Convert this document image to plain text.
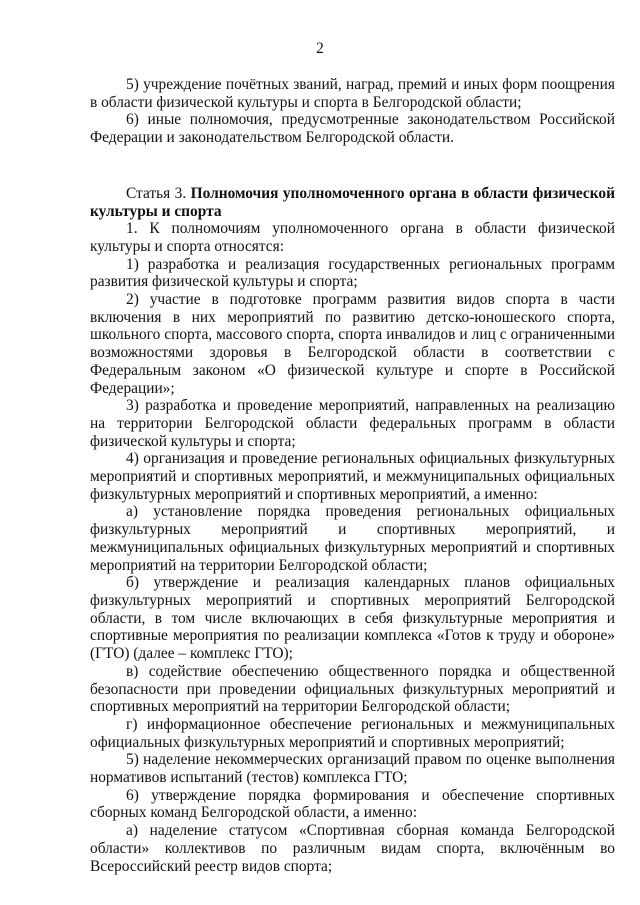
2

5) учреждение почётных званий, наград, премий и иных форм поощрения в области физической культуры и спорта в Белгородской области;

6) иные полномочия, предусмотренные законодательством Российской Федерации и законодательством Белгородской области.

Статья 3. Полномочия уполномоченного органа в области физической культуры и спорта

1. К полномочиям уполномоченного органа в области физической культуры и спорта относятся:

1) разработка и реализация государственных региональных программ развития физической культуры и спорта;

2) участие в подготовке программ развития видов спорта в части включения в них мероприятий по развитию детско-юношеского спорта, школьного спорта, массового спорта, спорта инвалидов и лиц с ограниченными возможностями здоровья в Белгородской области в соответствии с Федеральным законом «О физической культуре и спорте в Российской Федерации»;

3) разработка и проведение мероприятий, направленных на реализацию на территории Белгородской области федеральных программ в области физической культуры и спорта;

4) организация и проведение региональных официальных физкультурных мероприятий и спортивных мероприятий, и межмуниципальных официальных физкультурных мероприятий и спортивных мероприятий, а именно:

а) установление порядка проведения региональных официальных физкультурных мероприятий и спортивных мероприятий, и межмуниципальных официальных физкультурных мероприятий и спортивных мероприятий на территории Белгородской области;

б) утверждение и реализация календарных планов официальных физкультурных мероприятий и спортивных мероприятий Белгородской области, в том числе включающих в себя физкультурные мероприятия и спортивные мероприятия по реализации комплекса «Готов к труду и обороне» (ГТО) (далее – комплекс ГТО);

в) содействие обеспечению общественного порядка и общественной безопасности при проведении официальных физкультурных мероприятий и спортивных мероприятий на территории Белгородской области;

г) информационное обеспечение региональных и межмуниципальных официальных физкультурных мероприятий и спортивных мероприятий;

5) наделение некоммерческих организаций правом по оценке выполнения нормативов испытаний (тестов) комплекса ГТО;

6) утверждение порядка формирования и обеспечение спортивных сборных команд Белгородской области, а именно:

а) наделение статусом «Спортивная сборная команда Белгородской области» коллективов по различным видам спорта, включённым во Всероссийский реестр видов спорта;
